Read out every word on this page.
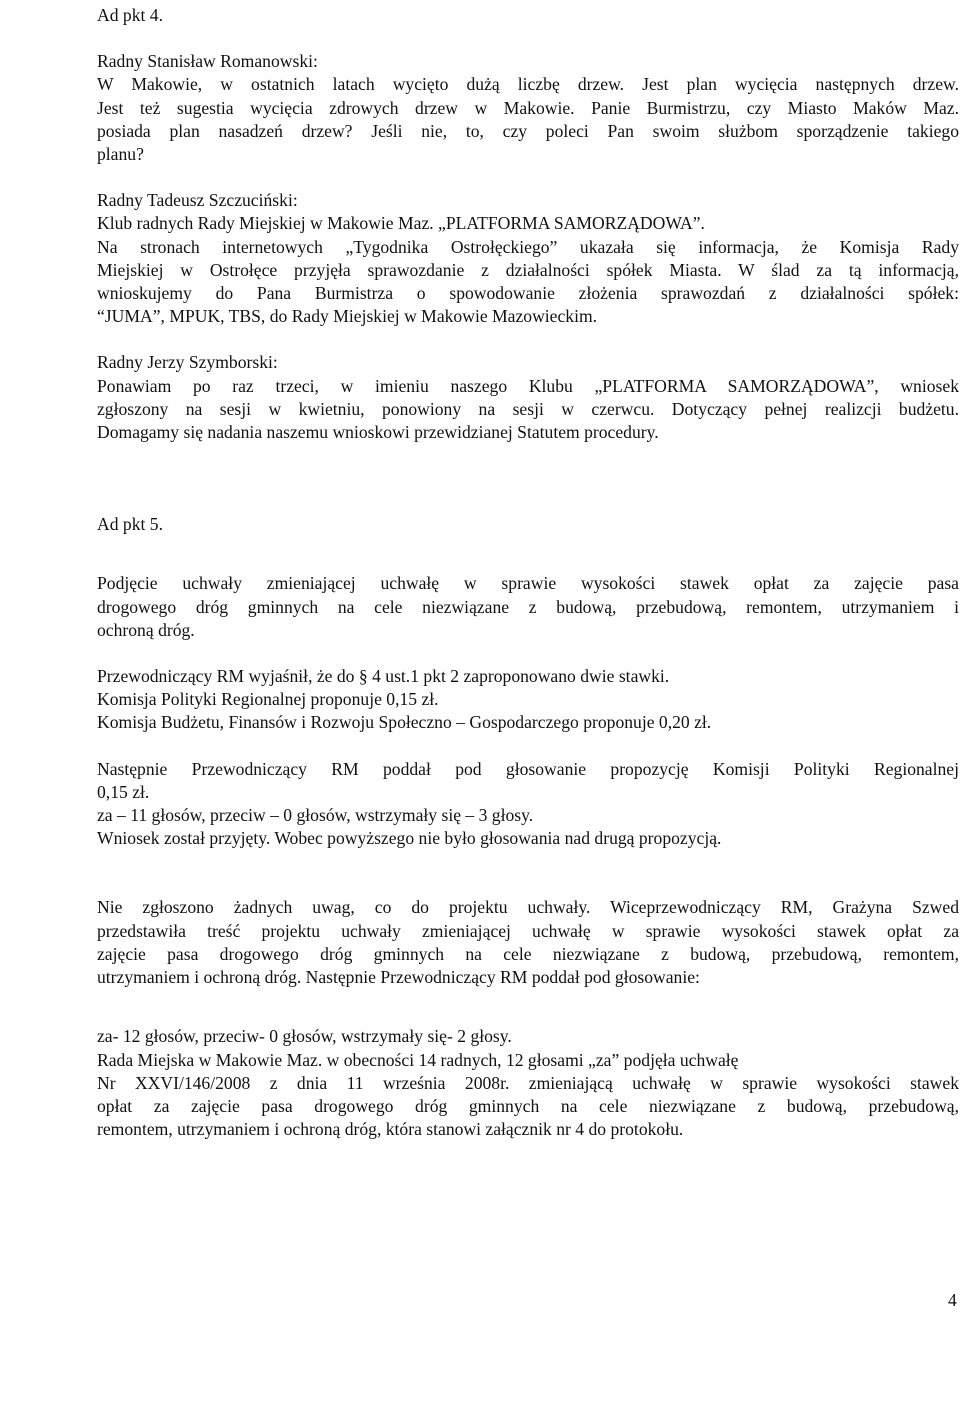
Ad pkt 4.
Radny Stanisław Romanowski:
W Makowie, w ostatnich latach wycięto dużą liczbę drzew. Jest plan wycięcia następnych drzew.
Jest też sugestia wycięcia zdrowych drzew w Makowie. Panie Burmistrzu, czy Miasto Maków Maz.
posiada plan nasadzeń drzew? Jeśli nie, to, czy poleci Pan swoim służbom sporządzenie takiego
planu?
Radny Tadeusz Szczuciński:
Klub radnych Rady Miejskiej w Makowie Maz. „PLATFORMA SAMORZĄDOWA”.
Na stronach internetowych „Tygodnika Ostrołęckiego” ukazała się informacja, że Komisja Rady
Miejskiej w Ostrołęce przyjęła sprawozdanie z działalności spółek Miasta. W ślad za tą informacją,
wnioskujemy do Pana Burmistrza o spowodowanie złożenia sprawozdań z działalności spółek:
“JUMA”, MPUK, TBS, do Rady Miejskiej w Makowie Mazowieckim.
Radny Jerzy Szymborski:
Ponawiam po raz trzeci, w imieniu naszego Klubu „PLATFORMA SAMORZĄDOWA”, wniosek
zgłoszony na sesji w kwietniu, ponowiony na sesji w czerwcu. Dotyczący pełnej realizcji budżetu.
Domagamy się nadania naszemu wnioskowi przewidzianej Statutem procedury.
Ad pkt 5.
Podjęcie uchwały zmieniającej uchwałę w sprawie wysokości stawek opłat za zajęcie pasa
drogowego dróg gminnych na cele niezwiązane z budową, przebudową, remontem, utrzymaniem i
ochroną dróg.
Przewodniczący RM wyjaśnił, że do § 4 ust.1 pkt 2 zaproponowano dwie stawki.
Komisja Polityki Regionalnej proponuje 0,15 zł.
Komisja Budżetu, Finansów i Rozwoju Społeczno – Gospodarczego proponuje 0,20 zł.
Następnie Przewodniczący RM poddał pod głosowanie propozycję Komisji Polityki Regionalnej
0,15 zł.
za – 11 głosów, przeciw – 0 głosów, wstrzymały się – 3 głosy.
Wniosek został przyjęty. Wobec powyższego nie było głosowania nad drugą propozycją.
Nie zgłoszono żadnych uwag, co do projektu uchwały. Wiceprzewodniczący RM, Grażyna Szwed
przedstawiła treść projektu uchwały zmieniającej uchwałę w sprawie wysokości stawek opłat za
zajęcie pasa drogowego dróg gminnych na cele niezwiązane z budową, przebudową, remontem,
utrzymaniem i ochroną dróg. Następnie Przewodniczący RM poddał pod głosowanie:
za- 12 głosów, przeciw- 0 głosów, wstrzymały się- 2 głosy.
Rada Miejska w Makowie Maz. w obecności 14 radnych, 12 głosami „za” podjęła uchwałę
Nr XXVI/146/2008 z dnia 11 września 2008r. zmieniającą uchwałę w sprawie wysokości stawek
opłat za zajęcie pasa drogowego dróg gminnych na cele niezwiązane z budową, przebudową,
remontem, utrzymaniem i ochroną dróg, która stanowi załącznik nr 4 do protokołu.
4
